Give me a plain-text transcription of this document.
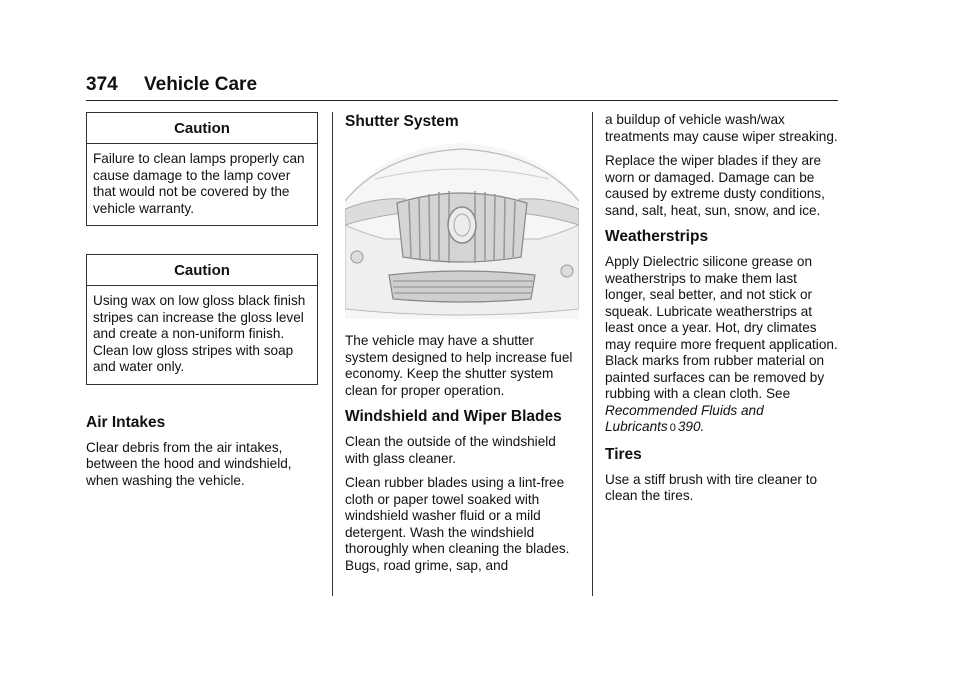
374 Vehicle Care
Caution
Failure to clean lamps properly can cause damage to the lamp cover that would not be covered by the vehicle warranty.
Caution
Using wax on low gloss black finish stripes can increase the gloss level and create a non-uniform finish. Clean low gloss stripes with soap and water only.
Air Intakes

Clear debris from the air intakes, between the hood and windshield, when washing the vehicle.

Shutter System

The vehicle may have a shutter system designed to help increase fuel economy. Keep the shutter system clean for proper operation.

Windshield and Wiper Blades

Clean the outside of the windshield with glass cleaner.

Clean rubber blades using a lint-free cloth or paper towel soaked with windshield washer fluid or a mild detergent. Wash the windshield thoroughly when cleaning the blades. Bugs, road grime, sap, and

a buildup of vehicle wash/wax treatments may cause wiper streaking.

Replace the wiper blades if they are worn or damaged. Damage can be caused by extreme dusty conditions, sand, salt, heat, sun, snow, and ice.

Weatherstrips

Apply Dielectric silicone grease on weatherstrips to make them last longer, seal better, and not stick or squeak. Lubricate weatherstrips at least once a year. Hot, dry climates may require more frequent application. Black marks from rubber material on painted surfaces can be removed by rubbing with a clean cloth. See Recommended Fluids and Lubricants 0 390.

Tires

Use a stiff brush with tire cleaner to clean the tires.
